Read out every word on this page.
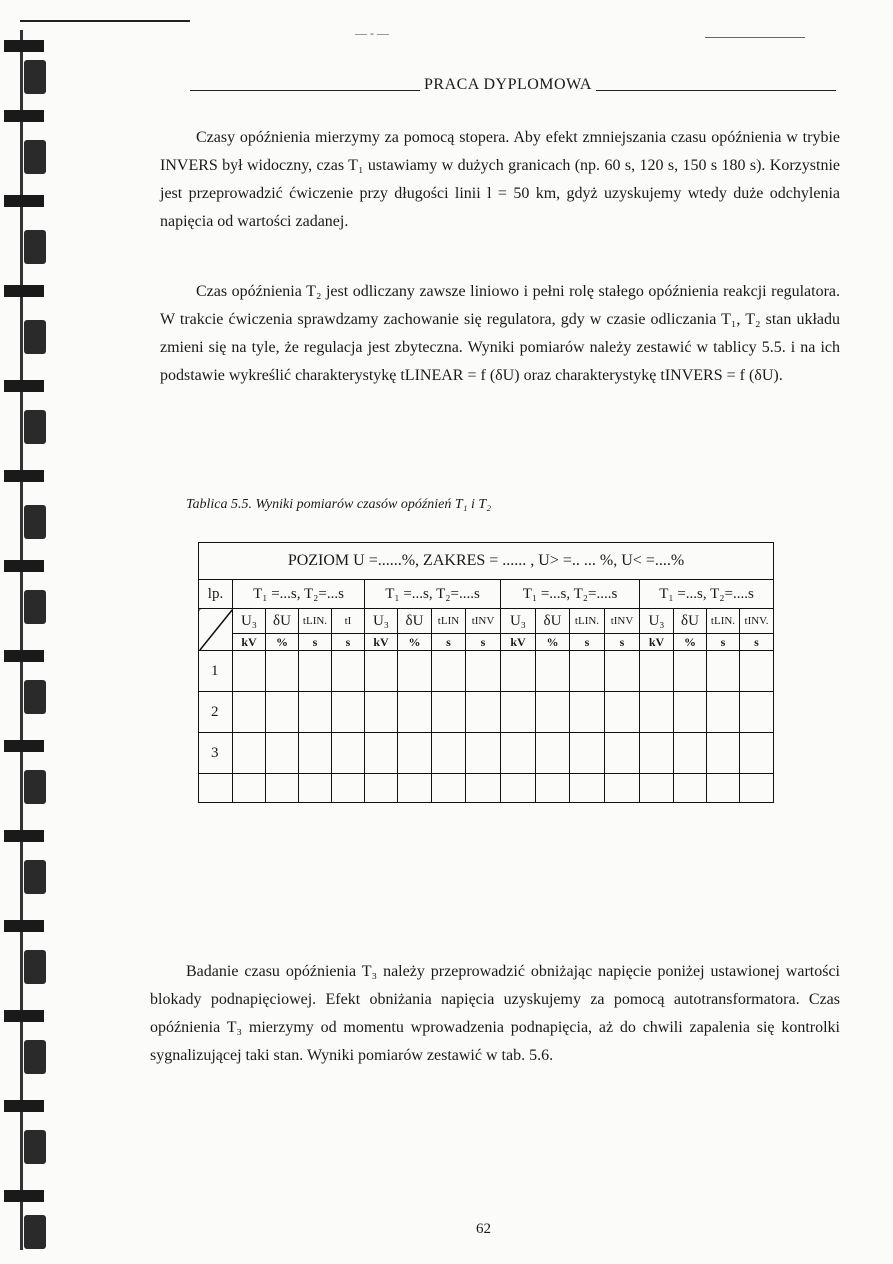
— - —
PRACA DYPLOMOWA

Czasy opóźnienia mierzymy za pomocą stopera. Aby efekt zmniejszania czasu opóźnienia w trybie INVERS był widoczny, czas T₁ ustawiamy w dużych granicach (np. 60 s, 120 s, 150 s 180 s). Korzystnie jest przeprowadzić ćwiczenie przy długości linii l = 50 km, gdyż uzyskujemy wtedy duże odchylenia napięcia od wartości zadanej.

Czas opóźnienia T₂ jest odliczany zawsze liniowo i pełni rolę stałego opóźnienia reakcji regulatora. W trakcie ćwiczenia sprawdzamy zachowanie się regulatora, gdy w czasie odliczania T₁, T₂ stan układu zmieni się na tyle, że regulacja jest zbyteczna. Wyniki pomiarów należy zestawić w tablicy 5.5. i na ich podstawie wykreślić charakterystykę tLINEAR = f (δU) oraz charakterystykę tINVERS = f (δU).

Tablica 5.5. Wyniki pomiarów czasów opóźnień T₁ i T₂
POZIOM U =......%, ZAKRES = ...... , U> =.. ... %, U< =....%																
lp.	T₁ =...s, T₂=...s				T₁ =...s, T₂=....s				T₁ =...s, T₂=....s				T₁ =...s, T₂=....s			
	U₃	δU	tLIN.	tI	U₃	δU	tLIN	tINV	U₃	δU	tLIN.	tINV	U₃	δU	tLIN.	tINV.
	kV	%	s	s	kV	%	s	s	kV	%	s	s	kV	%	s	s
1																
2																
3																

Badanie czasu opóźnienia T₃ należy przeprowadzić obniżając napięcie poniżej ustawionej wartości blokady podnapięciowej. Efekt obniżania napięcia uzyskujemy za pomocą autotransformatora. Czas opóźnienia T₃ mierzymy od momentu wprowadzenia podnapięcia, aż do chwili zapalenia się kontrolki sygnalizującej taki stan. Wyniki pomiarów zestawić w tab. 5.6.

62
